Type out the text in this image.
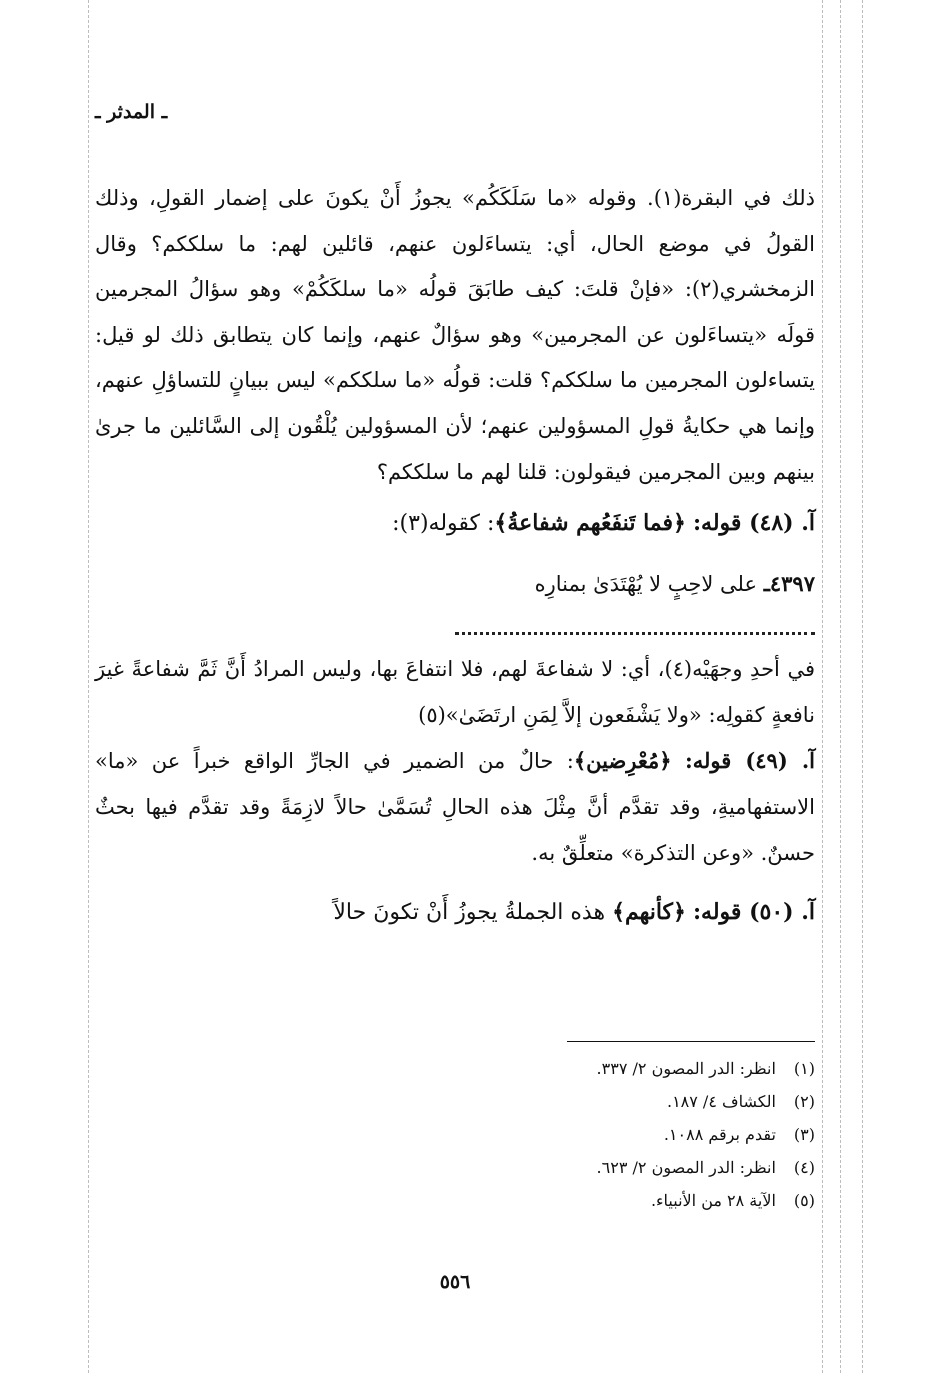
ـ المدثر ـ

ذلك في البقرة(١). وقوله «ما سَلَكَكُم» يجوزُ أَنْ يكونَ على إضمار القولِ، وذلك القولُ في موضع الحال، أي: يتساءَلون عنهم، قائلين لهم: ما سلككم؟ وقال الزمخشري(٢): «فإنْ قلتَ: كيف طابَقَ قولُه «ما سلكَكُمْ» وهو سؤالُ المجرمين قولَه «يتساءَلون عن المجرمين» وهو سؤالٌ عنهم، وإنما كان يتطابق ذلك لو قيل: يتساءلون المجرمين ما سلككم؟ قلت: قولُه «ما سلككم» ليس ببيانٍ للتساؤلِ عنهم، وإنما هي حكايةُ قولِ المسؤولين عنهم؛ لأن المسؤولين يُلْقُون إلى السَّائلين ما جرىٰ بينهم وبين المجرمين فيقولون: قلنا لهم ما سلككم؟

آ. (٤٨) قوله: ﴿فما تَنفَعُهم شفاعةُ﴾: كقوله(٣):

٤٣٩٧ـ على لاحِبٍ لا يُهْتَدَىٰ بمنارِه

في أحدِ وجهَيْه(٤)، أي: لا شفاعةَ لهم، فلا انتفاعَ بها، وليس المرادُ أَنَّ ثَمَّ شفاعةً غيرَ نافعةٍ كقولِه: «ولا يَشْفَعون إلاَّ لِمَنِ ارتَضَىٰ»(٥)

آ. (٤٩) قوله: ﴿مُعْرِضين﴾: حالٌ من الضمير في الجارِّ الواقع خبراً عن «ما» الاستفهاميةِ، وقد تقدَّم أنَّ مِثْلَ هذه الحالِ تُسَمَّىٰ حالاً لازِمَةً وقد تقدَّم فيها بحثٌ حسنٌ. «وعن التذكرة» متعلِّقٌ به.

آ. (٥٠) قوله: ﴿كأنهم﴾ هذه الجملةُ يجوزُ أَنْ تكونَ حالاً

(١) انظر: الدر المصون ٢/ ٣٣٧.
(٢) الكشاف ٤/ ١٨٧.
(٣) تقدم برقم ١٠٨٨.
(٤) انظر: الدر المصون ٢/ ٦٢٣.
(٥) الآية ٢٨ من الأنبياء.
٥٥٦
